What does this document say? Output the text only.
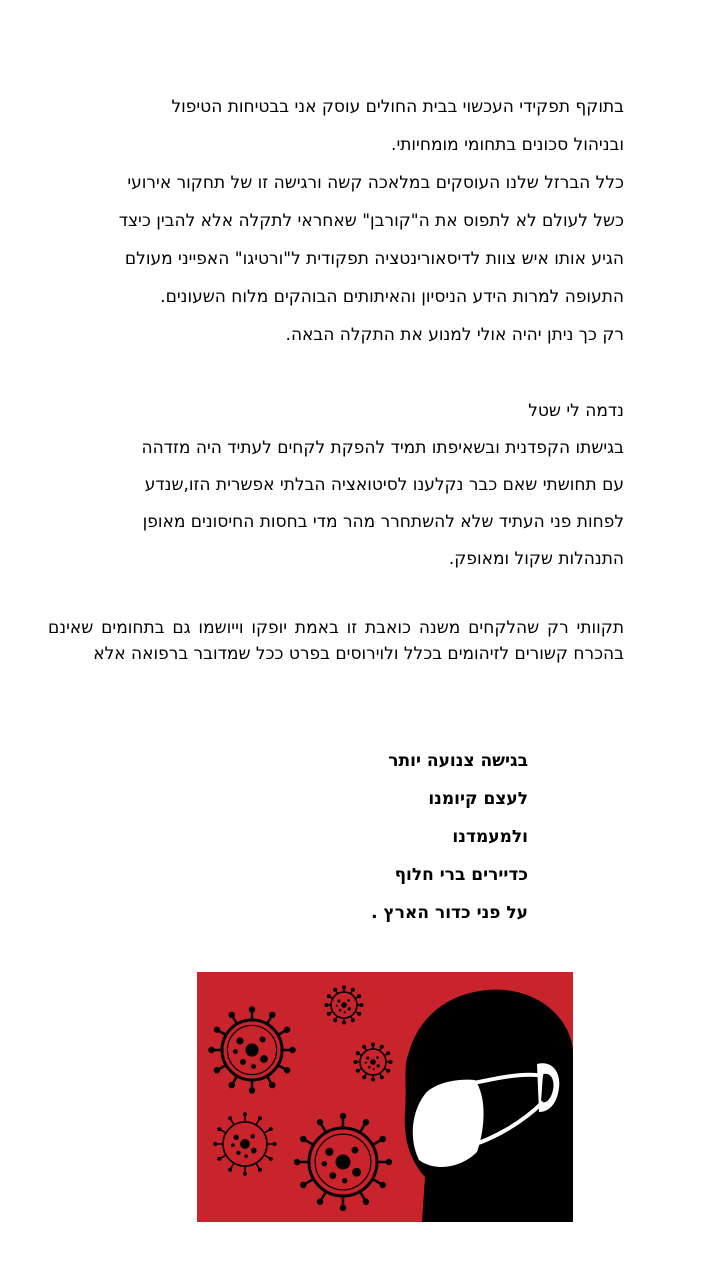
בתוקף תפקידי העכשוי בבית החולים עוסק אני בבטיחות הטיפול
ובניהול סכונים בתחומי מומחיותי.
כלל הברזל שלנו העוסקים במלאכה קשה ורגישה זו של תחקור אירועי
כשל לעולם לא לתפוס את ה"קורבן" שאחראי לתקלה אלא להבין כיצד
הגיע אותו איש צוות לדיסאורינטציה תפקודית ל"ורטיגו" האפייני מעולם
התעופה למרות הידע הניסיון והאיתותים הבוהקים מלוח השעונים.
רק כך ניתן יהיה אולי למנוע את התקלה הבאה.
נדמה לי שטל
בגישתו הקפדנית ובשאיפתו תמיד להפקת לקחים לעתיד היה מזדהה
עם תחושתי שאם כבר נקלענו לסיטואציה הבלתי אפשרית הזו,שנדע
לפחות פני העתיד שלא להשתחרר מהר מדי בחסות החיסונים מאופן
התנהלות שקול ומאופק.
תקוותי רק שהלקחים משנה כואבת זו באמת יופקו וייושמו גם בתחומים שאינם בהכרח קשורים לזיהומים בכלל ולוירוסים בפרט ככל שמדובר ברפואה אלא
בגישה צנועה יותר
לעצם קיומנו
ולמעמדנו
כדיירים ברי חלוף
על פני כדור הארץ .
